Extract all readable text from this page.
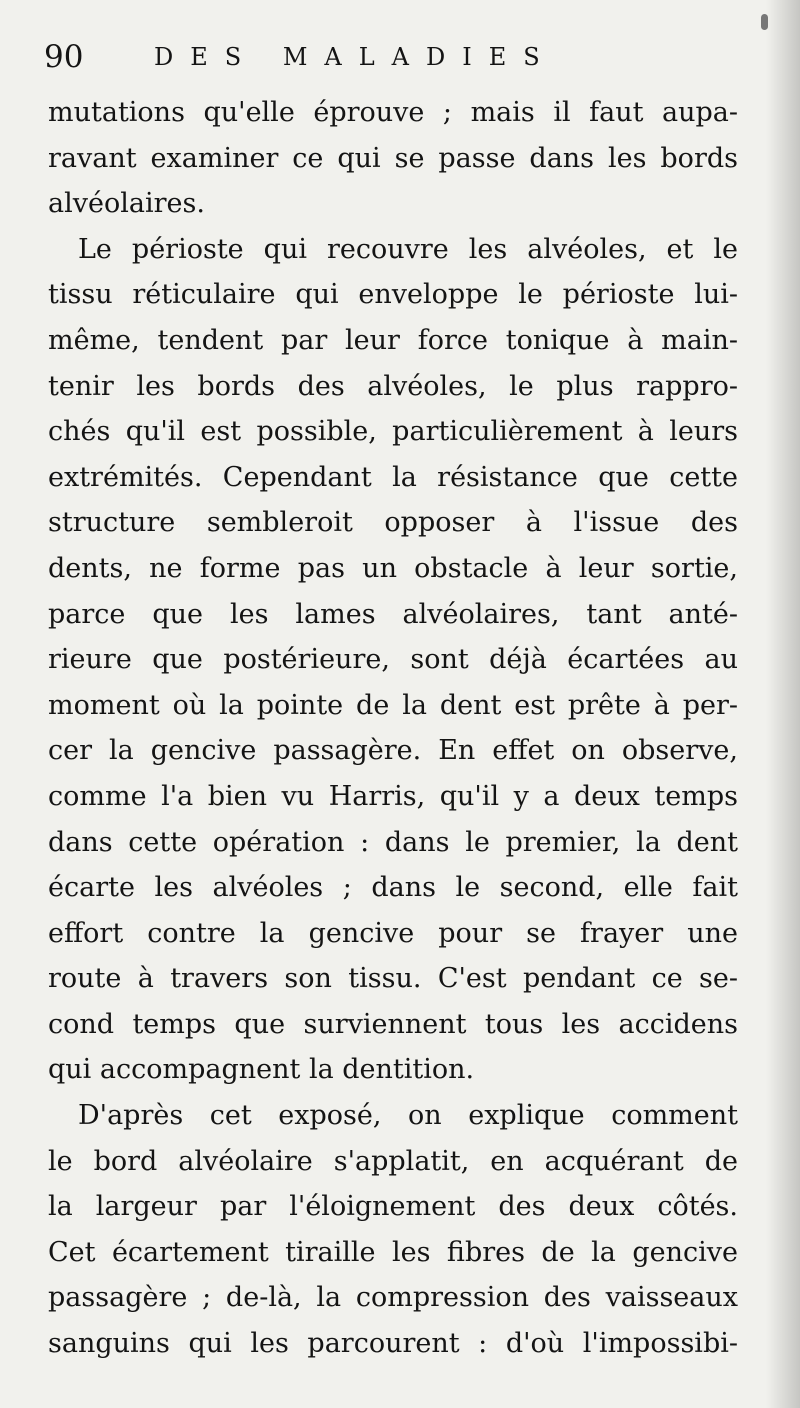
90	DES MALADIES
mutations qu'elle éprouve ; mais il faut aupa-
ravant examiner ce qui se passe dans les bords
alvéolaires.
Le périoste qui recouvre les alvéoles, et le
tissu réticulaire qui enveloppe le périoste lui-
même, tendent par leur force tonique à main-
tenir les bords des alvéoles, le plus rappro-
chés qu'il est possible, particulièrement à leurs
extrémités. Cependant la résistance que cette
structure sembleroit opposer à l'issue des
dents, ne forme pas un obstacle à leur sortie,
parce que les lames alvéolaires, tant anté-
rieure que postérieure, sont déjà écartées au
moment où la pointe de la dent est prête à per-
cer la gencive passagère. En effet on observe,
comme l'a bien vu Harris, qu'il y a deux temps
dans cette opération : dans le premier, la dent
écarte les alvéoles ; dans le second, elle fait
effort contre la gencive pour se frayer une
route à travers son tissu. C'est pendant ce se-
cond temps que surviennent tous les accidens
qui accompagnent la dentition.
D'après cet exposé, on explique comment
le bord alvéolaire s'applatit, en acquérant de
la largeur par l'éloignement des deux côtés.
Cet écartement tiraille les fibres de la gencive
passagère ; de-là, la compression des vaisseaux
sanguins qui les parcourent : d'où l'impossibi-
